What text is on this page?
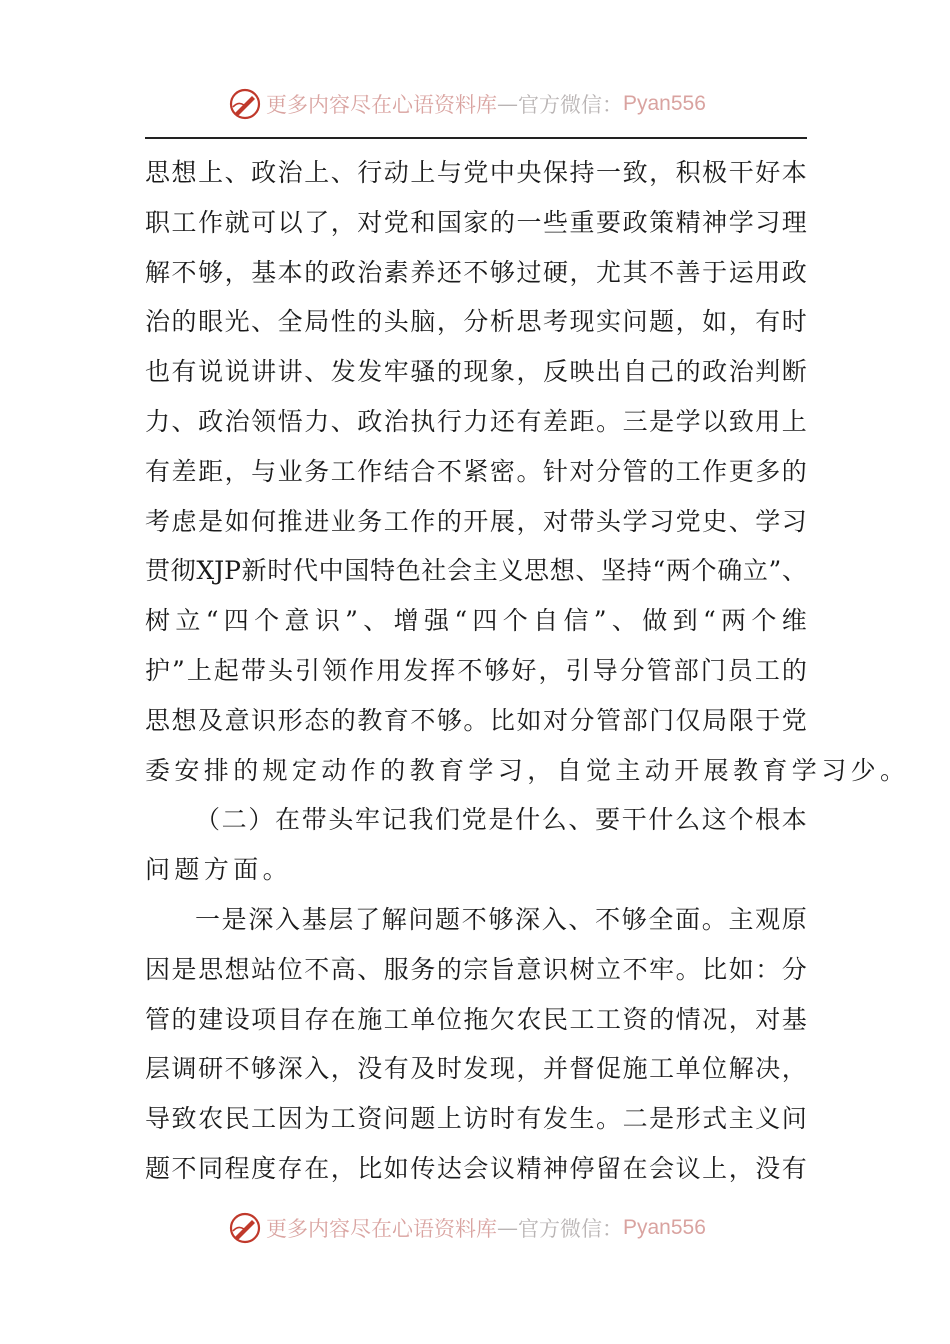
更多内容尽在心语资料库 — 官方微信： Pyan556
思 想 上 、 政 治 上 、 行 动 上 与 党 中 央 保 持 一 致 ， 积 极 干 好 本
职 工 作 就 可 以 了 ， 对 党 和 国 家 的 一 些 重 要 政 策 精 神 学 习 理
解 不 够 ， 基 本 的 政 治 素 养 还 不 够 过 硬 ， 尤 其 不 善 于 运 用 政
治 的 眼 光 、 全 局 性 的 头 脑 ， 分 析 思 考 现 实 问 题 ， 如 ， 有 时
也 有 说 说 讲 讲 、 发 发 牢 骚 的 现 象 ， 反 映 出 自 己 的 政 治 判 断
力 、 政 治 领 悟 力 、 政 治 执 行 力 还 有 差 距 。 三 是 学 以 致 用 上
有 差 距 ， 与 业 务 工 作 结 合 不 紧 密 。 针 对 分 管 的 工 作 更 多 的
考 虑 是 如 何 推 进 业 务 工 作 的 开 展 ， 对 带 头 学 习 党 史 、 学 习
贯 彻 XJP 新 时 代 中 国 特 色 社 会 主 义 思 想 、 坚 持 “ 两 个 确 立 ” 、
树 立 “ 四 个 意 识 ” 、 增 强 “ 四 个 自 信 ” 、 做 到 “ 两 个 维
护 ” 上 起 带 头 引 领 作 用 发 挥 不 够 好 ， 引 导 分 管 部 门 员 工 的
思 想 及 意 识 形 态 的 教 育 不 够 。 比 如 对 分 管 部 门 仅 局 限 于 党
委安排的规定动作的教育学习，自觉主动开展教育学习少。
（ 二 ） 在 带 头 牢 记 我 们 党 是 什 么 、 要 干 什 么 这 个 根 本
问题方面。
一 是 深 入 基 层 了 解 问 题 不 够 深 入 、 不 够 全 面 。 主 观 原
因 是 思 想 站 位 不 高 、 服 务 的 宗 旨 意 识 树 立 不 牢 。 比 如 ： 分
管 的 建 设 项 目 存 在 施 工 单 位 拖 欠 农 民 工 工 资 的 情 况 ， 对 基
层 调 研 不 够 深 入 ， 没 有 及 时 发 现 ， 并 督 促 施 工 单 位 解 决 ，
导 致 农 民 工 因 为 工 资 问 题 上 访 时 有 发 生 。 二 是 形 式 主 义 问
题 不 同 程 度 存 在 ， 比 如 传 达 会 议 精 神 停 留 在 会 议 上 ， 没 有
更多内容尽在心语资料库 — 官方微信： Pyan556
